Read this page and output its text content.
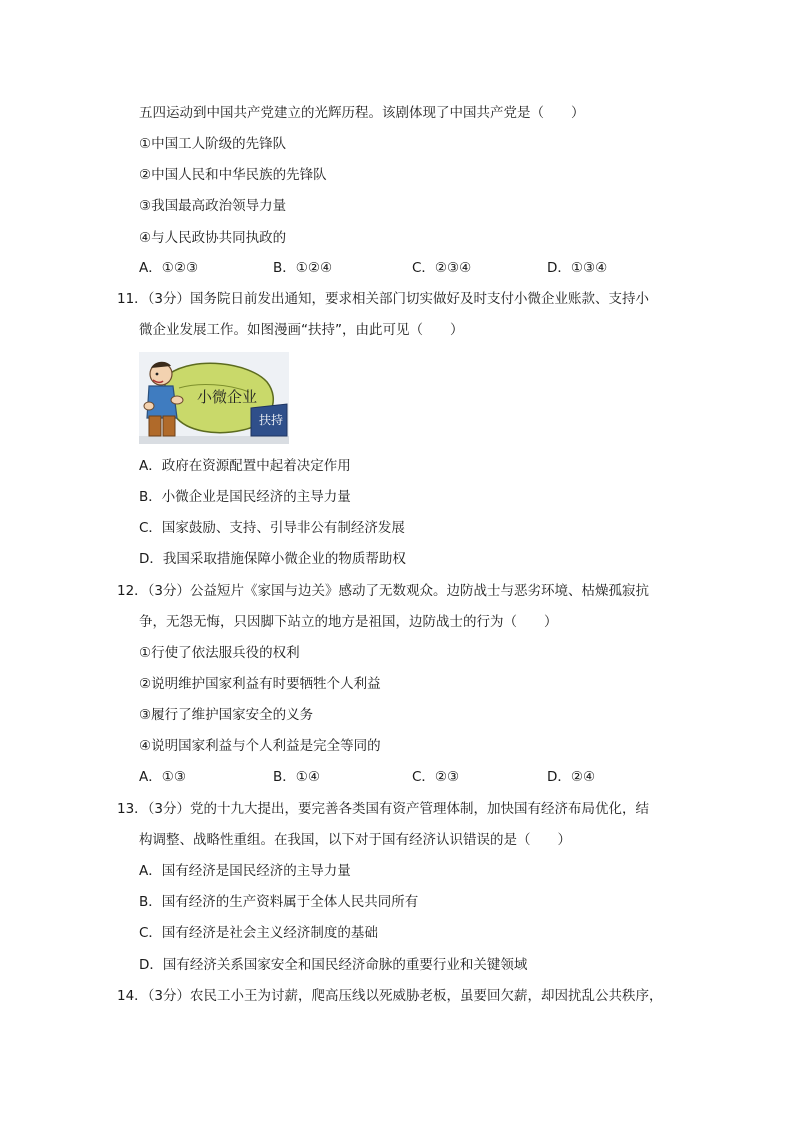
五四运动到中国共产党建立的光辉历程。该剧体现了中国共产党是（　　）
①中国工人阶级的先锋队
②中国人民和中华民族的先锋队
③我国最高政治领导力量
④与人民政协共同执政的
A．①②③	B．①②④	C．②③④	D．①③④
11．（3分）国务院日前发出通知，要求相关部门切实做好及时支付小微企业账款、支持小
微企业发展工作。如图漫画“扶持”，由此可见（　　）
小微企业
扶持
A．政府在资源配置中起着决定作用
B．小微企业是国民经济的主导力量
C．国家鼓励、支持、引导非公有制经济发展
D．我国采取措施保障小微企业的物质帮助权
12．（3分）公益短片《家国与边关》感动了无数观众。边防战士与恶劣环境、枯燥孤寂抗
争，无怨无悔，只因脚下站立的地方是祖国，边防战士的行为（　　）
①行使了依法服兵役的权利
②说明维护国家利益有时要牺牲个人利益
③履行了维护国家安全的义务
④说明国家利益与个人利益是完全等同的
A．①③	B．①④	C．②③	D．②④
13．（3分）党的十九大提出，要完善各类国有资产管理体制，加快国有经济布局优化，结
构调整、战略性重组。在我国，以下对于国有经济认识错误的是（　　）
A．国有经济是国民经济的主导力量
B．国有经济的生产资料属于全体人民共同所有
C．国有经济是社会主义经济制度的基础
D．国有经济关系国家安全和国民经济命脉的重要行业和关键领域
14．（3分）农民工小王为讨薪，爬高压线以死威胁老板，虽要回欠薪，却因扰乱公共秩序，
